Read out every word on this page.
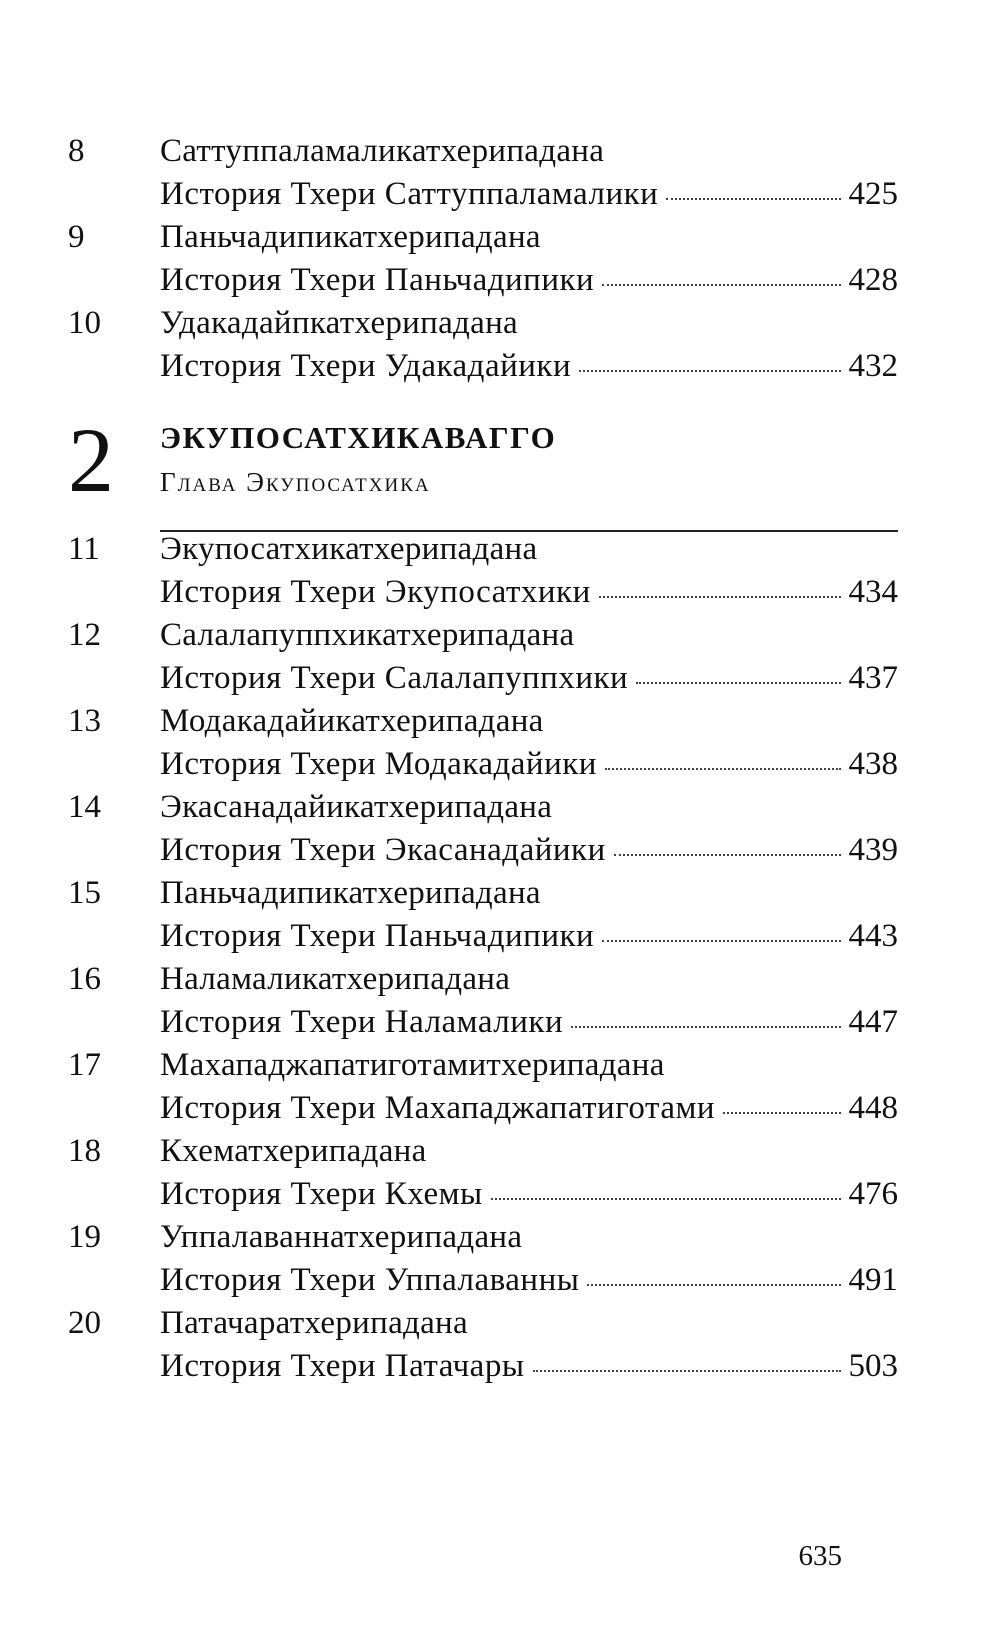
8 Саттуппаламаликатхерипадана
История Тхери Саттуппаламалики	425
9 Паньчадипикатхерипадана
История Тхери Паньчадипики	428
10 Удакадайпкатхерипадана
История Тхери Удакадайики	432
2 ЭКУПОСАТХИКАВАГГО
Глава Экупосатхика
11 Экупосатхикатхерипадана
История Тхери Экупосатхики	434
12 Салалапуппхикатхерипадана
История Тхери Салалапуппхики	437
13 Модакадайикатхерипадана
История Тхери Модакадайики	438
14 Экасанадайикатхерипадана
История Тхери Экасанадайики	439
15 Паньчадипикатхерипадана
История Тхери Паньчадипики	443
16 Наламаликатхерипадана
История Тхери Наламалики	447
17 Махападжапатиготамитхерипадана
История Тхери Махападжапатиготами	448
18 Кхематхерипадана
История Тхери Кхемы	476
19 Уппалаваннатхерипадана
История Тхери Уппалаванны	491
20 Патачаратхерипадана
История Тхери Патачары	503
635
